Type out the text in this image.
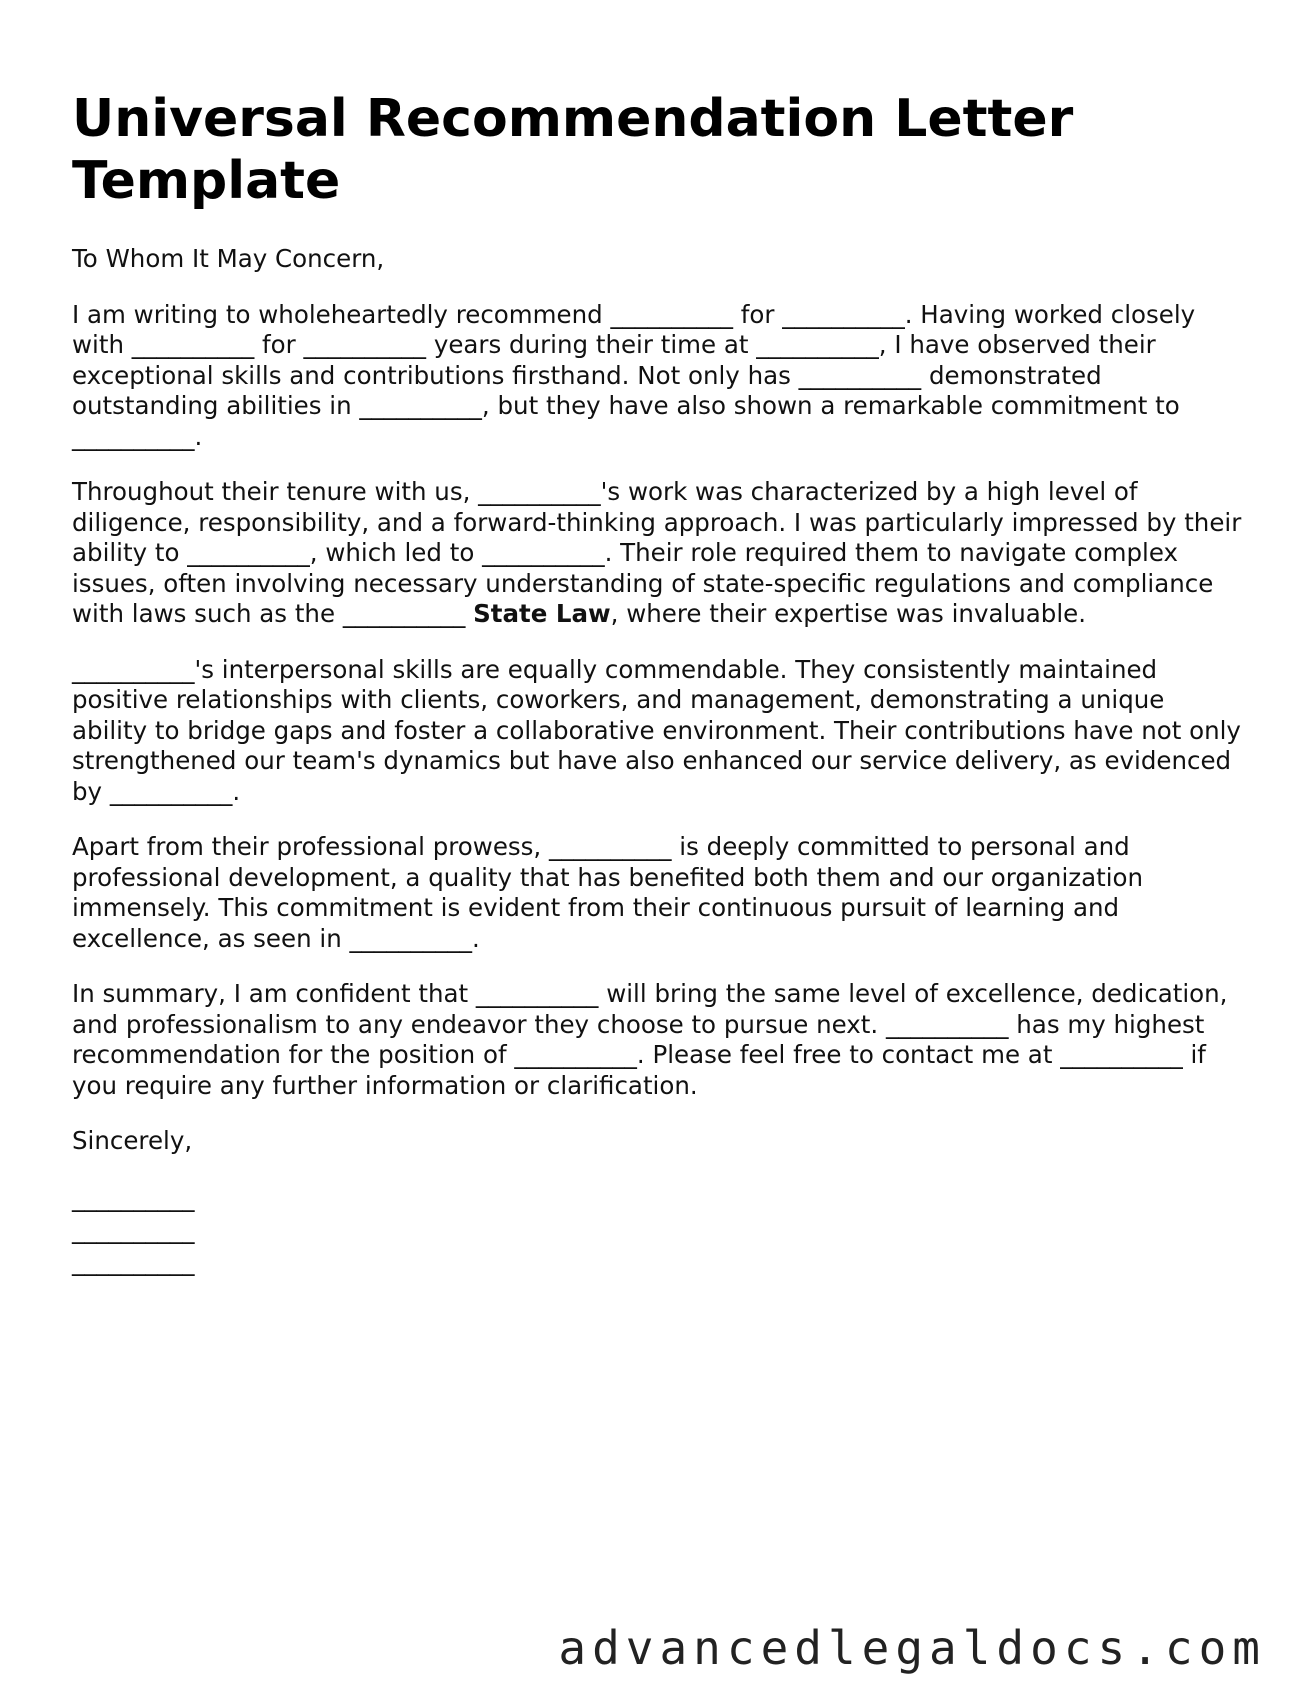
Universal Recommendation Letter Template

To Whom It May Concern,

I am writing to wholeheartedly recommend __________ for __________. Having worked closely with __________ for __________ years during their time at __________, I have observed their exceptional skills and contributions firsthand. Not only has __________ demonstrated outstanding abilities in __________, but they have also shown a remarkable commitment to __________.

Throughout their tenure with us, __________'s work was characterized by a high level of diligence, responsibility, and a forward-thinking approach. I was particularly impressed by their ability to __________, which led to __________. Their role required them to navigate complex issues, often involving necessary understanding of state-specific regulations and compliance with laws such as the __________ State Law, where their expertise was invaluable.

__________'s interpersonal skills are equally commendable. They consistently maintained positive relationships with clients, coworkers, and management, demonstrating a unique ability to bridge gaps and foster a collaborative environment. Their contributions have not only strengthened our team's dynamics but have also enhanced our service delivery, as evidenced by __________.

Apart from their professional prowess, __________ is deeply committed to personal and professional development, a quality that has benefited both them and our organization immensely. This commitment is evident from their continuous pursuit of learning and excellence, as seen in __________.

In summary, I am confident that __________ will bring the same level of excellence, dedication, and professionalism to any endeavor they choose to pursue next. __________ has my highest recommendation for the position of __________. Please feel free to contact me at __________ if you require any further information or clarification.

Sincerely,

__________
__________
__________
advancedlegaldocs.com
